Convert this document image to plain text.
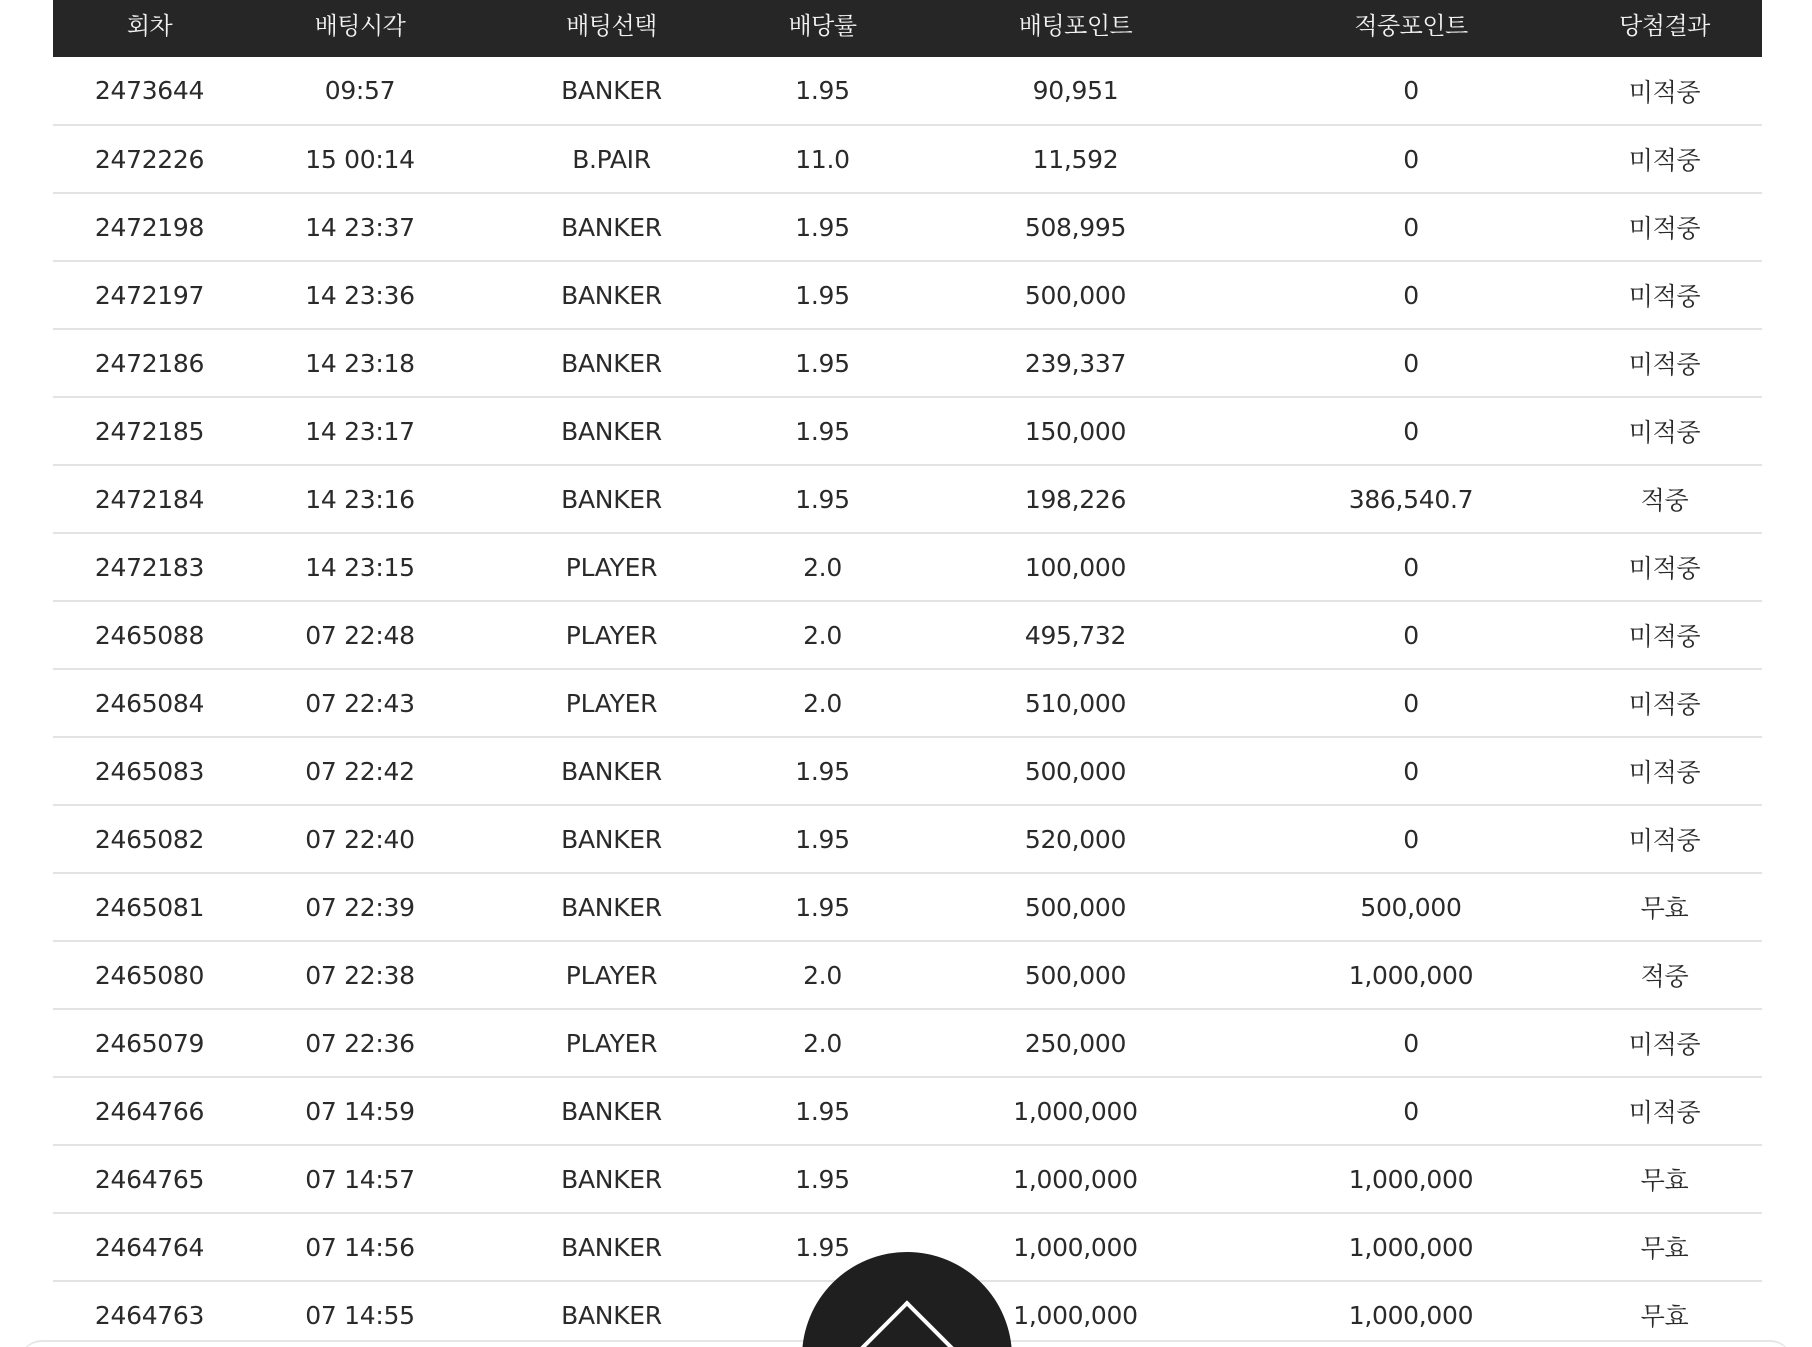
회차	배팅시각	배팅선택	배당률	배팅포인트	적중포인트	당첨결과
2473644	09:57	BANKER	1.95	90,951	0	미적중
2472226	15 00:14	B.PAIR	11.0	11,592	0	미적중
2472198	14 23:37	BANKER	1.95	508,995	0	미적중
2472197	14 23:36	BANKER	1.95	500,000	0	미적중
2472186	14 23:18	BANKER	1.95	239,337	0	미적중
2472185	14 23:17	BANKER	1.95	150,000	0	미적중
2472184	14 23:16	BANKER	1.95	198,226	386,540.7	적중
2472183	14 23:15	PLAYER	2.0	100,000	0	미적중
2465088	07 22:48	PLAYER	2.0	495,732	0	미적중
2465084	07 22:43	PLAYER	2.0	510,000	0	미적중
2465083	07 22:42	BANKER	1.95	500,000	0	미적중
2465082	07 22:40	BANKER	1.95	520,000	0	미적중
2465081	07 22:39	BANKER	1.95	500,000	500,000	무효
2465080	07 22:38	PLAYER	2.0	500,000	1,000,000	적중
2465079	07 22:36	PLAYER	2.0	250,000	0	미적중
2464766	07 14:59	BANKER	1.95	1,000,000	0	미적중
2464765	07 14:57	BANKER	1.95	1,000,000	1,000,000	무효
2464764	07 14:56	BANKER	1.95	1,000,000	1,000,000	무효
2464763	07 14:55	BANKER		1,000,000	1,000,000	무효
